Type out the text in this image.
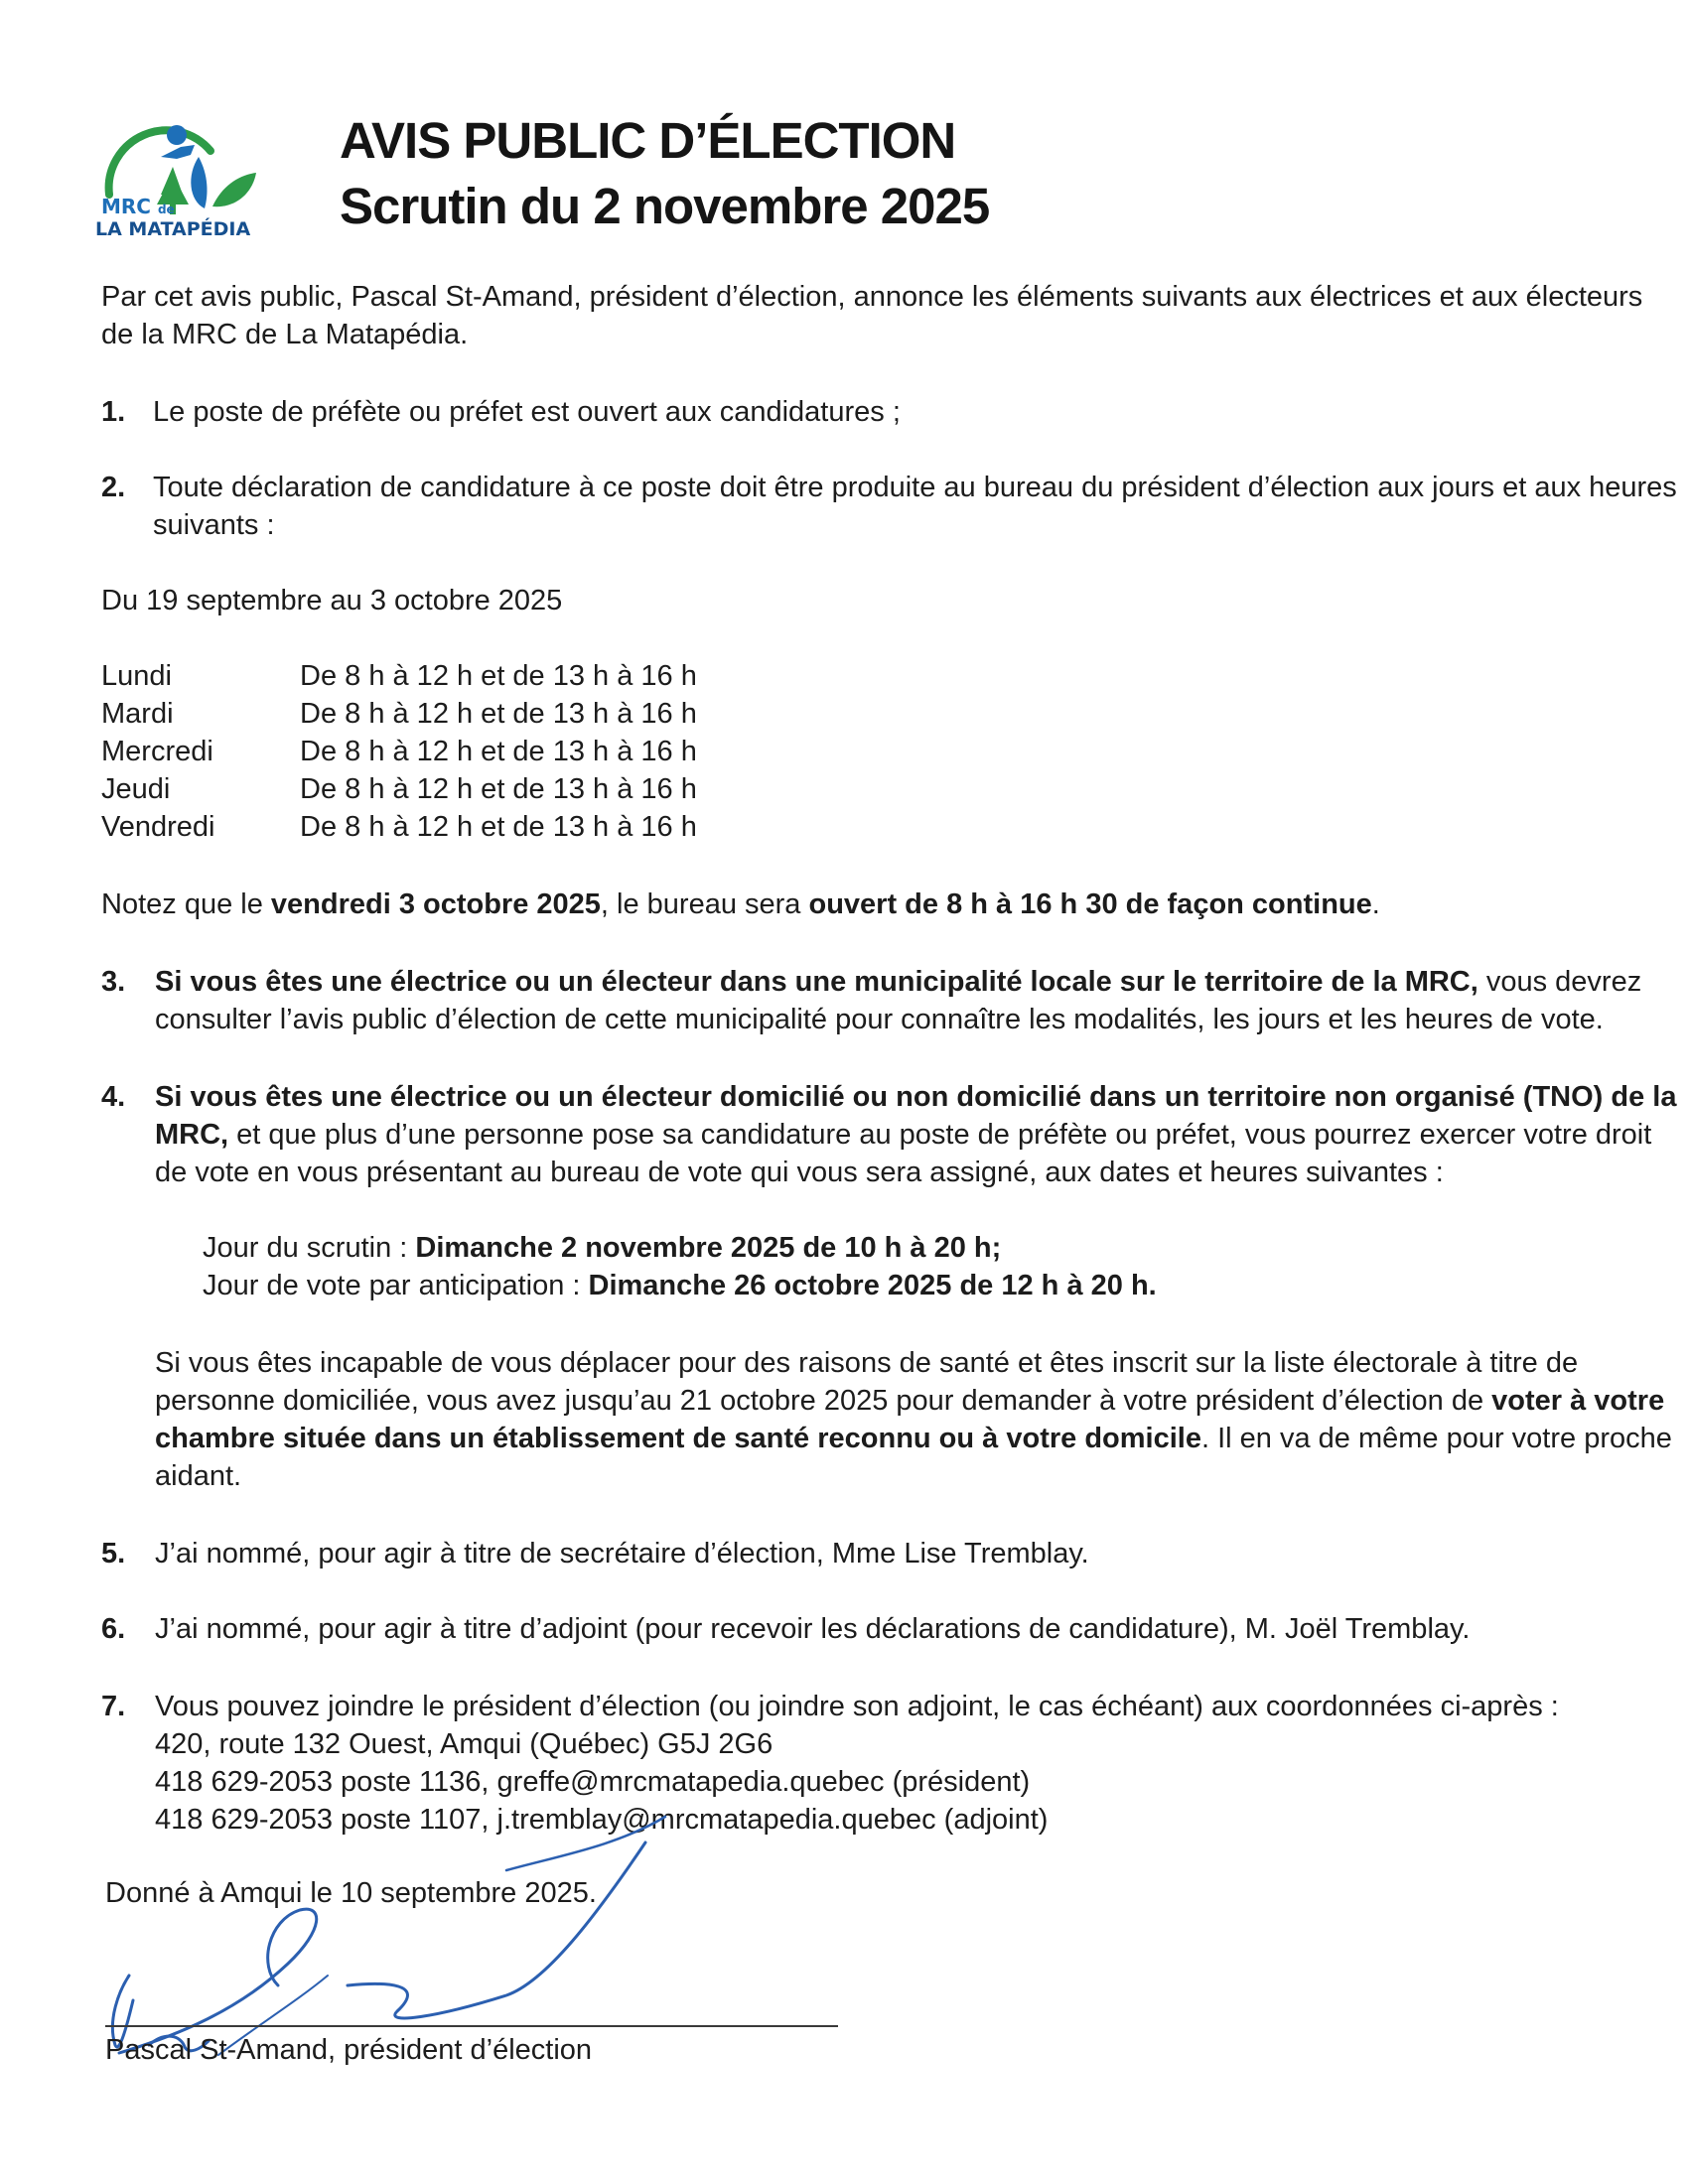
MRC de
LA MATAPÉDIA
AVIS PUBLIC D’ÉLECTION
Scrutin du 2 novembre 2025
Par cet avis public, Pascal St-Amand, président d’élection, annonce les éléments suivants aux électrices et aux électeurs
de la MRC de La Matapédia.
1. Le poste de préfète ou préfet est ouvert aux candidatures ;
2. Toute déclaration de candidature à ce poste doit être produite au bureau du président d’élection aux jours et aux heures
suivants :
Du 19 septembre au 3 octobre 2025
Lundi	De 8 h à 12 h et de 13 h à 16 h
Mardi	De 8 h à 12 h et de 13 h à 16 h
Mercredi	De 8 h à 12 h et de 13 h à 16 h
Jeudi	De 8 h à 12 h et de 13 h à 16 h
Vendredi	De 8 h à 12 h et de 13 h à 16 h
Notez que le vendredi 3 octobre 2025, le bureau sera ouvert de 8 h à 16 h 30 de façon continue.
3. Si vous êtes une électrice ou un électeur dans une municipalité locale sur le territoire de la MRC, vous devrez
consulter l’avis public d’élection de cette municipalité pour connaître les modalités, les jours et les heures de vote.
4. Si vous êtes une électrice ou un électeur domicilié ou non domicilié dans un territoire non organisé (TNO) de la
MRC, et que plus d’une personne pose sa candidature au poste de préfète ou préfet, vous pourrez exercer votre droit
de vote en vous présentant au bureau de vote qui vous sera assigné, aux dates et heures suivantes :
Jour du scrutin : Dimanche 2 novembre 2025 de 10 h à 20 h;
Jour de vote par anticipation : Dimanche 26 octobre 2025 de 12 h à 20 h.
Si vous êtes incapable de vous déplacer pour des raisons de santé et êtes inscrit sur la liste électorale à titre de
personne domiciliée, vous avez jusqu’au 21 octobre 2025 pour demander à votre président d’élection de voter à votre
chambre située dans un établissement de santé reconnu ou à votre domicile. Il en va de même pour votre proche
aidant.
5. J’ai nommé, pour agir à titre de secrétaire d’élection, Mme Lise Tremblay.
6. J’ai nommé, pour agir à titre d’adjoint (pour recevoir les déclarations de candidature), M. Joël Tremblay.
7. Vous pouvez joindre le président d’élection (ou joindre son adjoint, le cas échéant) aux coordonnées ci-après :
420, route 132 Ouest, Amqui (Québec) G5J 2G6
418 629-2053 poste 1136, greffe@mrcmatapedia.quebec (président)
418 629-2053 poste 1107, j.tremblay@mrcmatapedia.quebec (adjoint)
Donné à Amqui le 10 septembre 2025.
Pascal St-Amand, président d’élection
